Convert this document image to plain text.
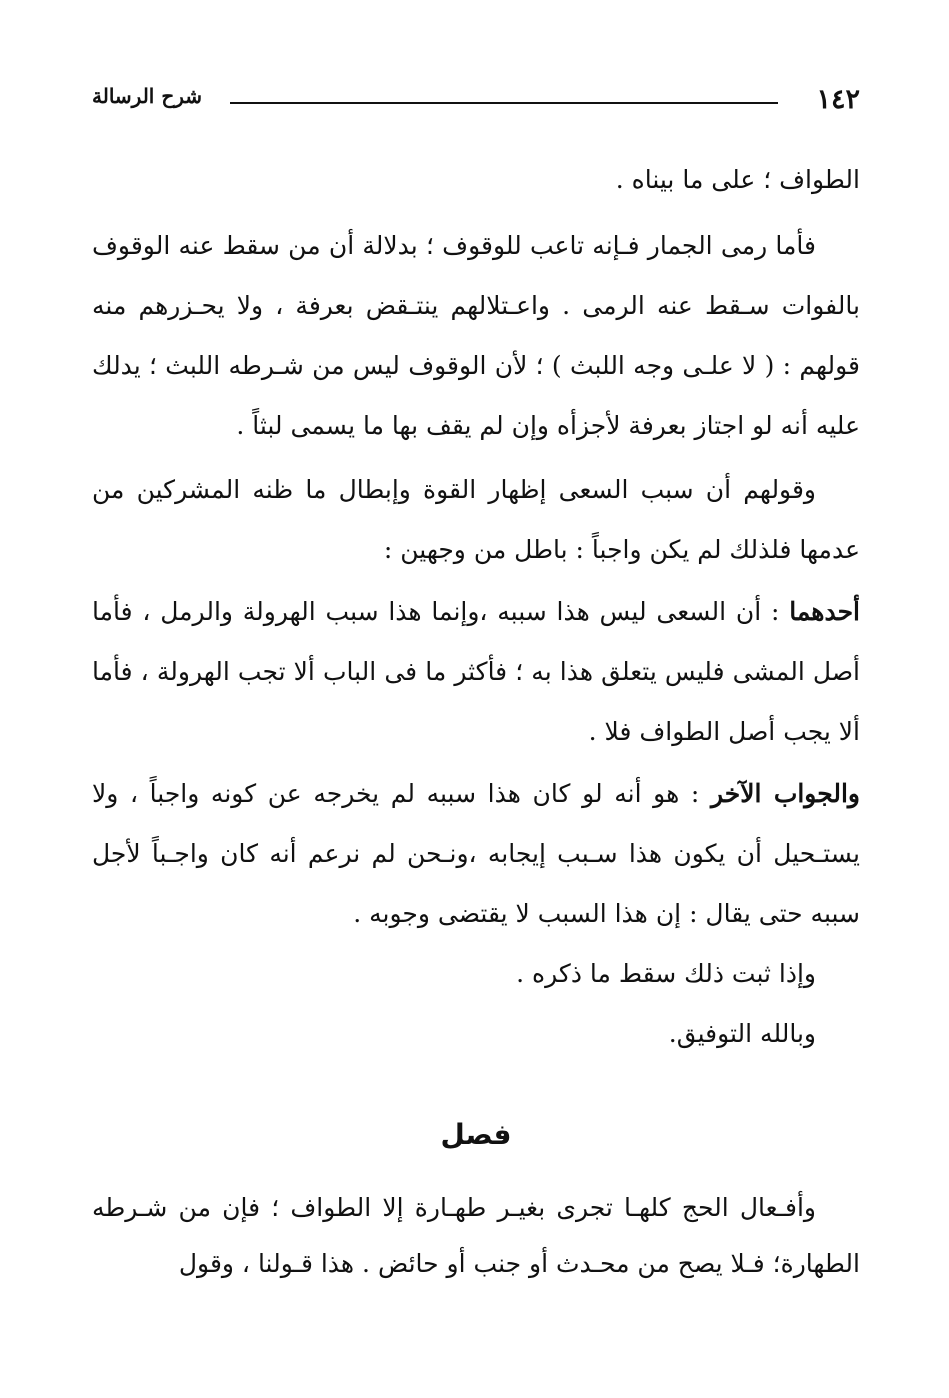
١٤٢
شرح الرسالة

الطواف ؛ على ما بيناه .

فأما رمى الجمار فـإنه تاعب للوقوف ؛ بدلالة أن من سقط عنه الوقوف بالفوات سـقط عنه الرمى . واعـتلالهم ينتـقض بعرفة ، ولا يحـزرهم منه قولهم : ( لا علـى وجه اللبث ) ؛ لأن الوقوف ليس من شـرطه اللبث ؛ يدلك عليه أنه لو اجتاز بعرفة لأجزأه وإن لم يقف بها ما يسمى لبثاً .

وقولهم أن سبب السعى إظهار القوة وإبطال ما ظنه المشركين من عدمها فلذلك لم يكن واجباً : باطل من وجهين :

أحدهما : أن السعى ليس هذا سببه ،وإنما هذا سبب الهرولة والرمل ، فأما أصل المشى فليس يتعلق هذا به ؛ فأكثر ما فى الباب ألا تجب الهرولة ، فأما ألا يجب أصل الطواف فلا .

والجواب الآخر : هو أنه لو كان هذا سببه لم يخرجه عن كونه واجباً ، ولا يستـحيل أن يكون هذا سـبب إيجابه ،ونـحن لم نرعم أنه كان واجـباً لأجل سببه حتى يقال : إن هذا السبب لا يقتضى وجوبه .

وإذا ثبت ذلك سقط ما ذكره .

وبالله التوفيق.

فصل

وأفـعال الحج كلهـا تجرى بغيـر طهـارة إلا الطواف ؛ فإن من شـرطه الطهارة؛ فـلا يصح من محـدث أو جنب أو حائض . هذا قـولنا ، وقول
